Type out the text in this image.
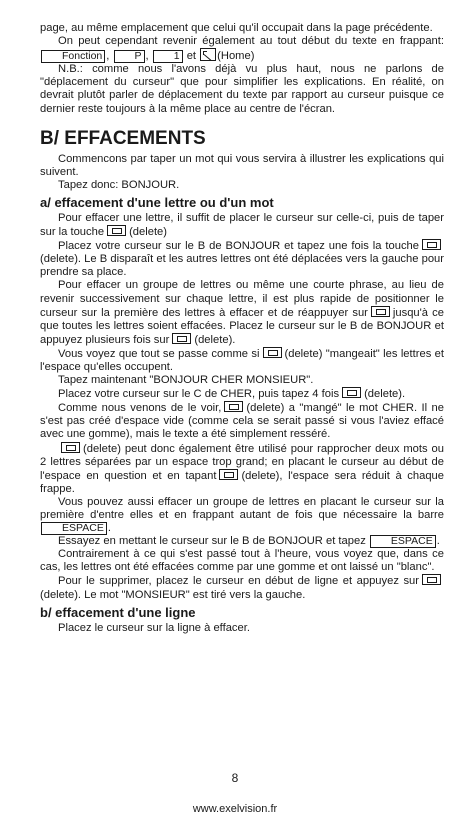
page, au même emplacement que celui qu'il occupait dans la page précédente.

On peut cependant revenir également au tout début du texte en frappant: Fonction , P , 1 et (Home)

N.B.: comme nous l'avons déjà vu plus haut, nous ne parlons de "déplacement du curseur" que pour simplifier les explications. En réalité, on devrait plutôt parler de déplacement du texte par rapport au curseur puisque ce dernier reste toujours à la même place au centre de l'écran.

B/ EFFACEMENTS

Commencons par taper un mot qui vous servira à illustrer les explications qui suivent.

Tapez donc: BONJOUR.

a/ effacement d'une lettre ou d'un mot

Pour effacer une lettre, il suffit de placer le curseur sur celle-ci, puis de taper sur la touche (delete)

Placez votre curseur sur le B de BONJOUR et tapez une fois la touche(delete). Le B disparaît et les autres lettres ont été déplacées vers la gauche pour prendre sa place.

Pour effacer un groupe de lettres ou même une courte phrase, au lieu de revenir successivement sur chaque lettre, il est plus rapide de positionner le curseur sur la première des lettres à effacer et de réappuyer sur jusqu'à ce que toutes les lettres soient effacées. Placez le curseur sur le B de BONJOUR et appuyez plusieurs fois sur (delete).

Vous voyez que tout se passe comme si (delete) "mangeait" les lettres et l'espace qu'elles occupent.

Tapez maintenant "BONJOUR CHER MONSIEUR".

Placez votre curseur sur le C de CHER, puis tapez 4 fois (delete).

Comme nous venons de le voir, (delete) a "mangé" le mot CHER. Il ne s'est pas créé d'espace vide (comme cela se serait passé si vous l'aviez effacé avec une gomme), mais le texte a été simplement resséré.

(delete) peut donc également être utilisé pour rapprocher deux mots ou 2 lettres séparées par un espace trop grand; en placant le curseur au début de l'espace en question et en tapant (delete), l'espace sera réduit à chaque frappe.

Vous pouvez aussi effacer un groupe de lettres en placant le curseur sur la première d'entre elles et en frappant autant de fois que nécessaire la barre ESPACE .

Essayez en mettant le curseur sur le B de BONJOUR et tapez ESPACE .

Contrairement à ce qui s'est passé tout à l'heure, vous voyez que, dans ce cas, les lettres ont été effacées comme par une gomme et ont laissé un "blanc".

Pour le supprimer, placez le curseur en début de ligne et appuyez sur(delete). Le mot "MONSIEUR" est tiré vers la gauche.

b/ effacement d'une ligne

Placez le curseur sur la ligne à effacer.

8
www.exelvision.fr
